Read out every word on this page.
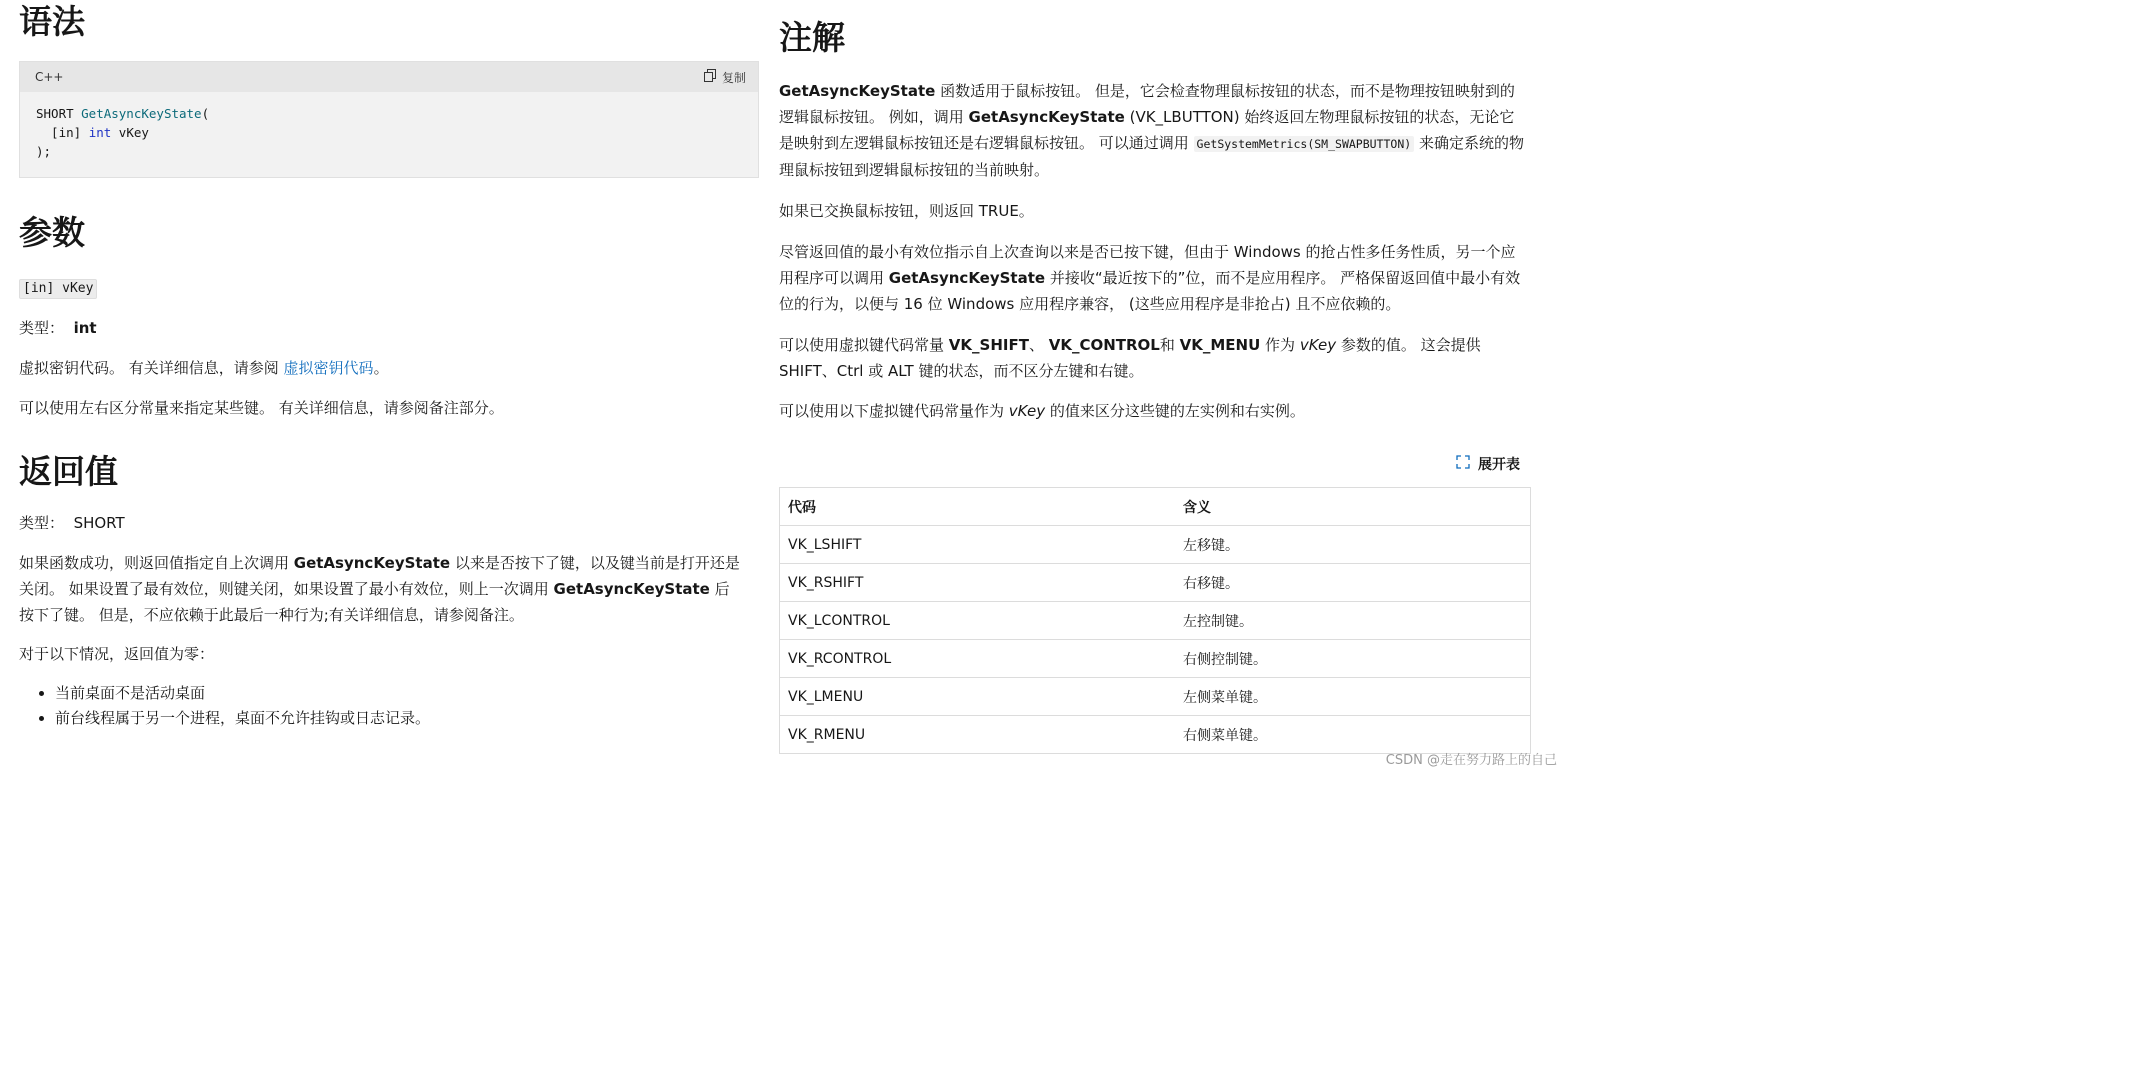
语法
C++	复制
SHORT GetAsyncKeyState(
[in] int vKey
);
参数
[in] vKey

类型： int

虚拟密钥代码。 有关详细信息，请参阅 虚拟密钥代码。

可以使用左右区分常量来指定某些键。 有关详细信息，请参阅备注部分。

返回值

类型： SHORT

如果函数成功，则返回值指定自上次调用 GetAsyncKeyState 以来是否按下了键，以及键当前是打开还是关闭。 如果设置了最有效位，则键关闭，如果设置了最小有效位，则上一次调用 GetAsyncKeyState 后按下了键。 但是，不应依赖于此最后一种行为;有关详细信息，请参阅备注。

对于以下情况，返回值为零：

• 当前桌面不是活动桌面
• 前台线程属于另一个进程，桌面不允许挂钩或日志记录。
注解

GetAsyncKeyState 函数适用于鼠标按钮。 但是，它会检查物理鼠标按钮的状态，而不是物理按钮映射到的逻辑鼠标按钮。 例如，调用 GetAsyncKeyState (VK_LBUTTON) 始终返回左物理鼠标按钮的状态，无论它是映射到左逻辑鼠标按钮还是右逻辑鼠标按钮。 可以通过调用 GetSystemMetrics(SM_SWAPBUTTON) 来确定系统的物理鼠标按钮到逻辑鼠标按钮的当前映射。

如果已交换鼠标按钮，则返回 TRUE。

尽管返回值的最小有效位指示自上次查询以来是否已按下键，但由于 Windows 的抢占性多任务性质，另一个应用程序可以调用 GetAsyncKeyState 并接收“最近按下的”位，而不是应用程序。 严格保留返回值中最小有效位的行为，以便与 16 位 Windows 应用程序兼容， (这些应用程序是非抢占) 且不应依赖的。

可以使用虚拟键代码常量 VK_SHIFT、 VK_CONTROL和 VK_MENU 作为 vKey 参数的值。 这会提供 SHIFT、Ctrl 或 ALT 键的状态，而不区分左键和右键。

可以使用以下虚拟键代码常量作为 vKey 的值来区分这些键的左实例和右实例。

展开表
代码	含义
VK_LSHIFT	左移键。
VK_RSHIFT	右移键。
VK_LCONTROL	左控制键。
VK_RCONTROL	右侧控制键。
VK_LMENU	左侧菜单键。
VK_RMENU	右侧菜单键。
CSDN @走在努力路上的自己
